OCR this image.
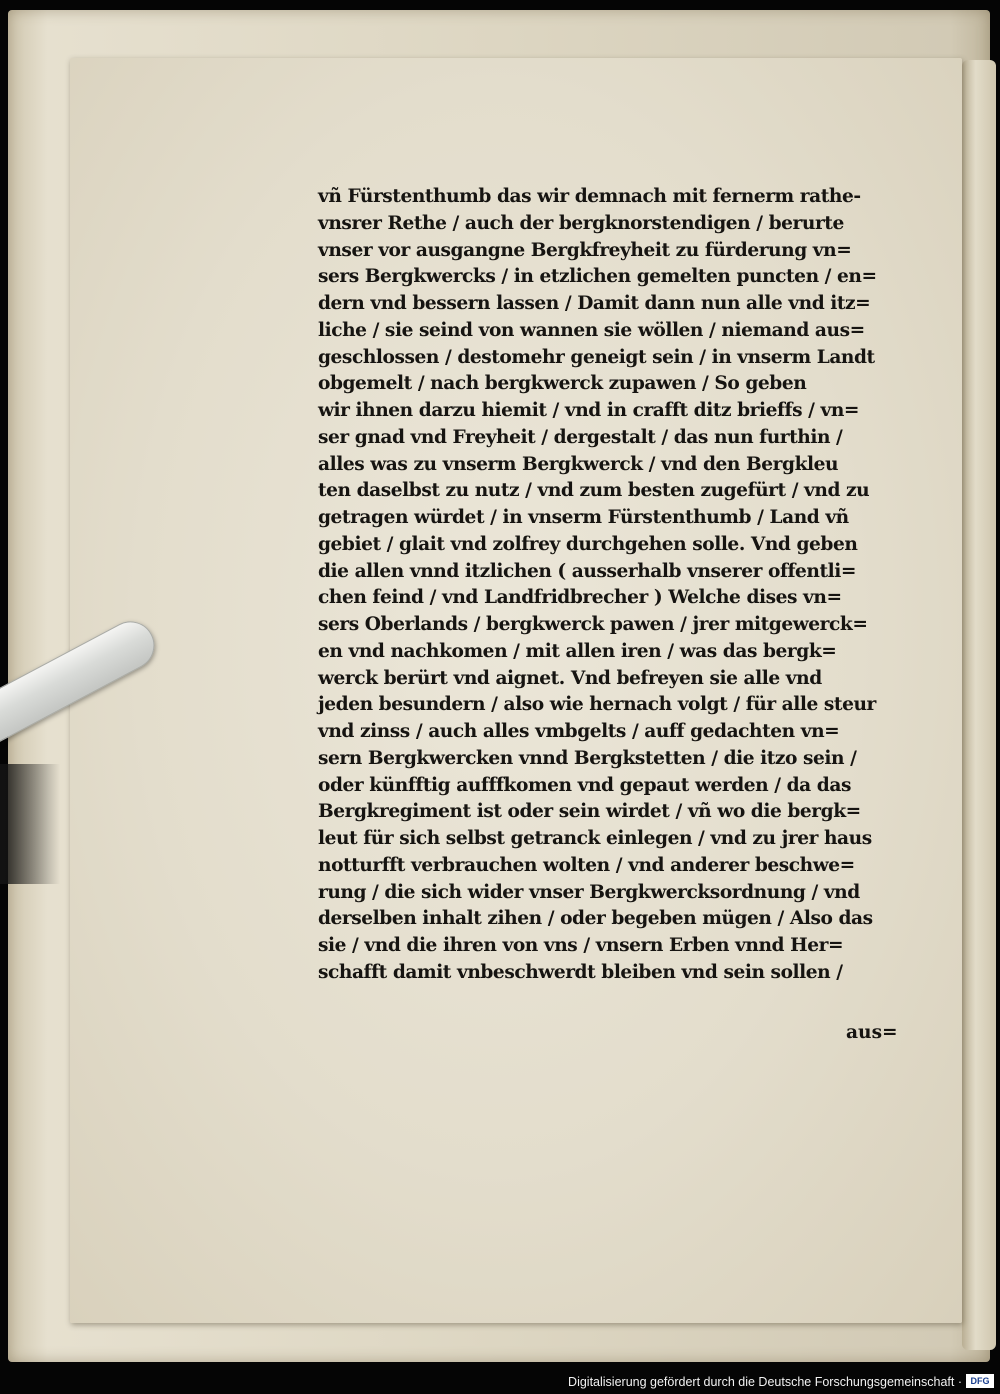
vñ Fürstenthumb das wir demnach mit fernerm rathe-
vnsrer Rethe / auch der bergknorstendigen / berurte
vnser vor ausgangne Bergkfreyheit zu fürderung vn=
sers Bergkwercks / in etzlichen gemelten puncten / en=
dern vnd bessern lassen / Damit dann nun alle vnd itz=
liche / sie seind von wannen sie wöllen / niemand aus=
geschlossen / destomehr geneigt sein / in vnserm Landt
obgemelt / nach bergkwerck zupawen / So geben
wir ihnen darzu hiemit / vnd in crafft ditz brieffs / vn=
ser gnad vnd Freyheit / dergestalt / das nun furthin /
alles was zu vnserm Bergkwerck / vnd den Bergkleu
ten daselbst zu nutz / vnd zum besten zugefürt / vnd zu
getragen würdet / in vnserm Fürstenthumb / Land vñ
gebiet / glait vnd zolfrey durchgehen solle. Vnd geben
die allen vnnd itzlichen ( ausserhalb vnserer offentli=
chen feind / vnd Landfridbrecher ) Welche dises vn=
sers Oberlands / bergkwerck pawen / jrer mitgewerck=
en vnd nachkomen / mit allen iren / was das bergk=
werck berürt vnd aignet. Vnd befreyen sie alle vnd
jeden besundern / also wie hernach volgt / für alle steur
vnd zinss / auch alles vmbgelts / auff gedachten vn=
sern Bergkwercken vnnd Bergkstetten / die itzo sein /
oder künfftig aufffkomen vnd gepaut werden / da das
Bergkregiment ist oder sein wirdet / vñ wo die bergk=
leut für sich selbst getranck einlegen / vnd zu jrer haus
notturfft verbrauchen wolten / vnd anderer beschwe=
rung / die sich wider vnser Bergkwercksordnung / vnd
derselben inhalt zihen / oder begeben mügen / Also das
sie / vnd die ihren von vns / vnsern Erben vnnd Her=
schafft damit vnbeschwerdt bleiben vnd sein sollen /
aus=
Digitalisierung gefördert durch die Deutsche Forschungsgemeinschaft · DFG
